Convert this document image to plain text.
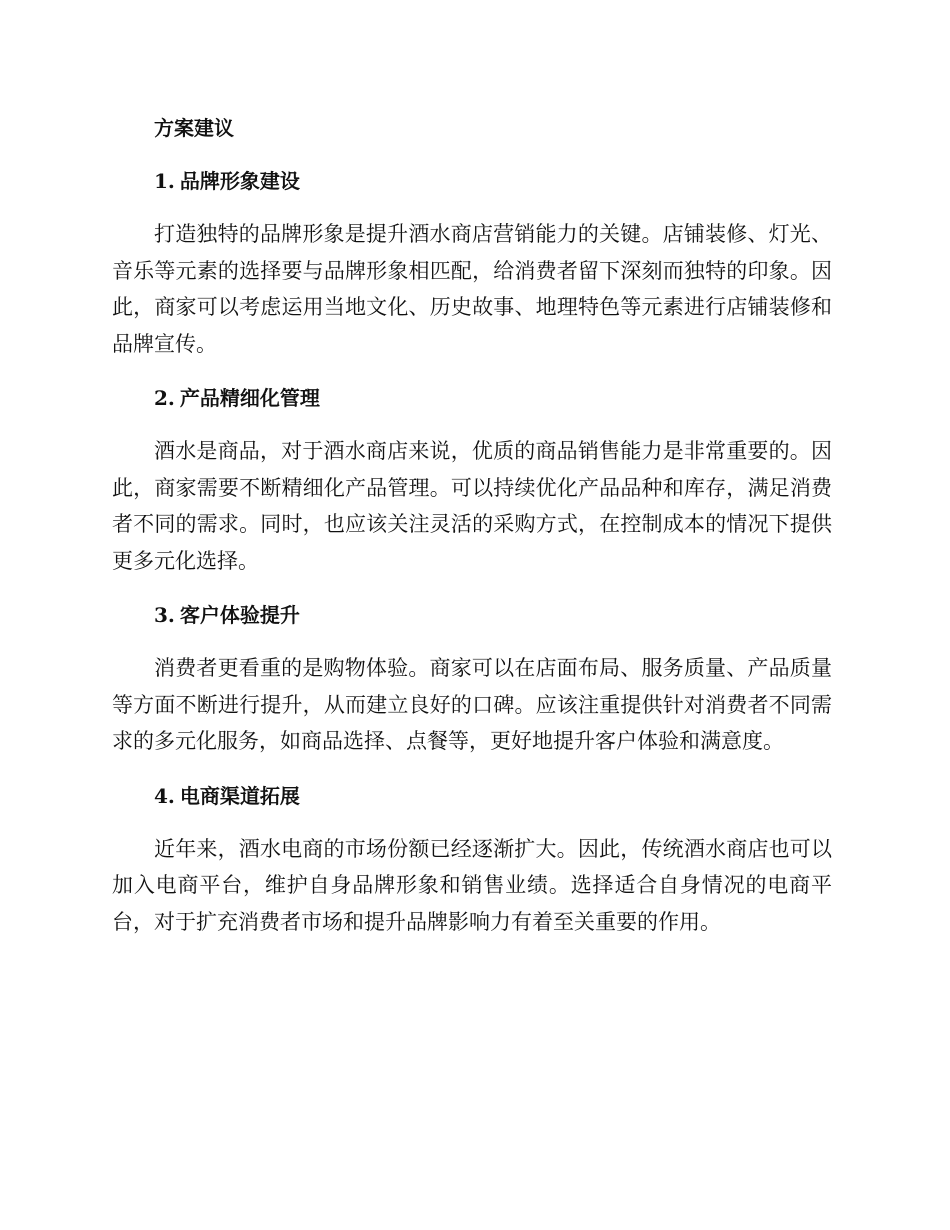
方案建议
1. 品牌形象建设

打造独特的品牌形象是提升酒水商店营销能力的关键。店铺装修、灯光、音乐等元素的选择要与品牌形象相匹配，给消费者留下深刻而独特的印象。因此，商家可以考虑运用当地文化、历史故事、地理特色等元素进行店铺装修和品牌宣传。

2. 产品精细化管理

酒水是商品，对于酒水商店来说，优质的商品销售能力是非常重要的。因此，商家需要不断精细化产品管理。可以持续优化产品品种和库存，满足消费者不同的需求。同时，也应该关注灵活的采购方式，在控制成本的情况下提供更多元化选择。

3. 客户体验提升

消费者更看重的是购物体验。商家可以在店面布局、服务质量、产品质量等方面不断进行提升，从而建立良好的口碑。应该注重提供针对消费者不同需求的多元化服务，如商品选择、点餐等，更好地提升客户体验和满意度。

4. 电商渠道拓展

近年来，酒水电商的市场份额已经逐渐扩大。因此，传统酒水商店也可以加入电商平台，维护自身品牌形象和销售业绩。选择适合自身情况的电商平台，对于扩充消费者市场和提升品牌影响力有着至关重要的作用。
